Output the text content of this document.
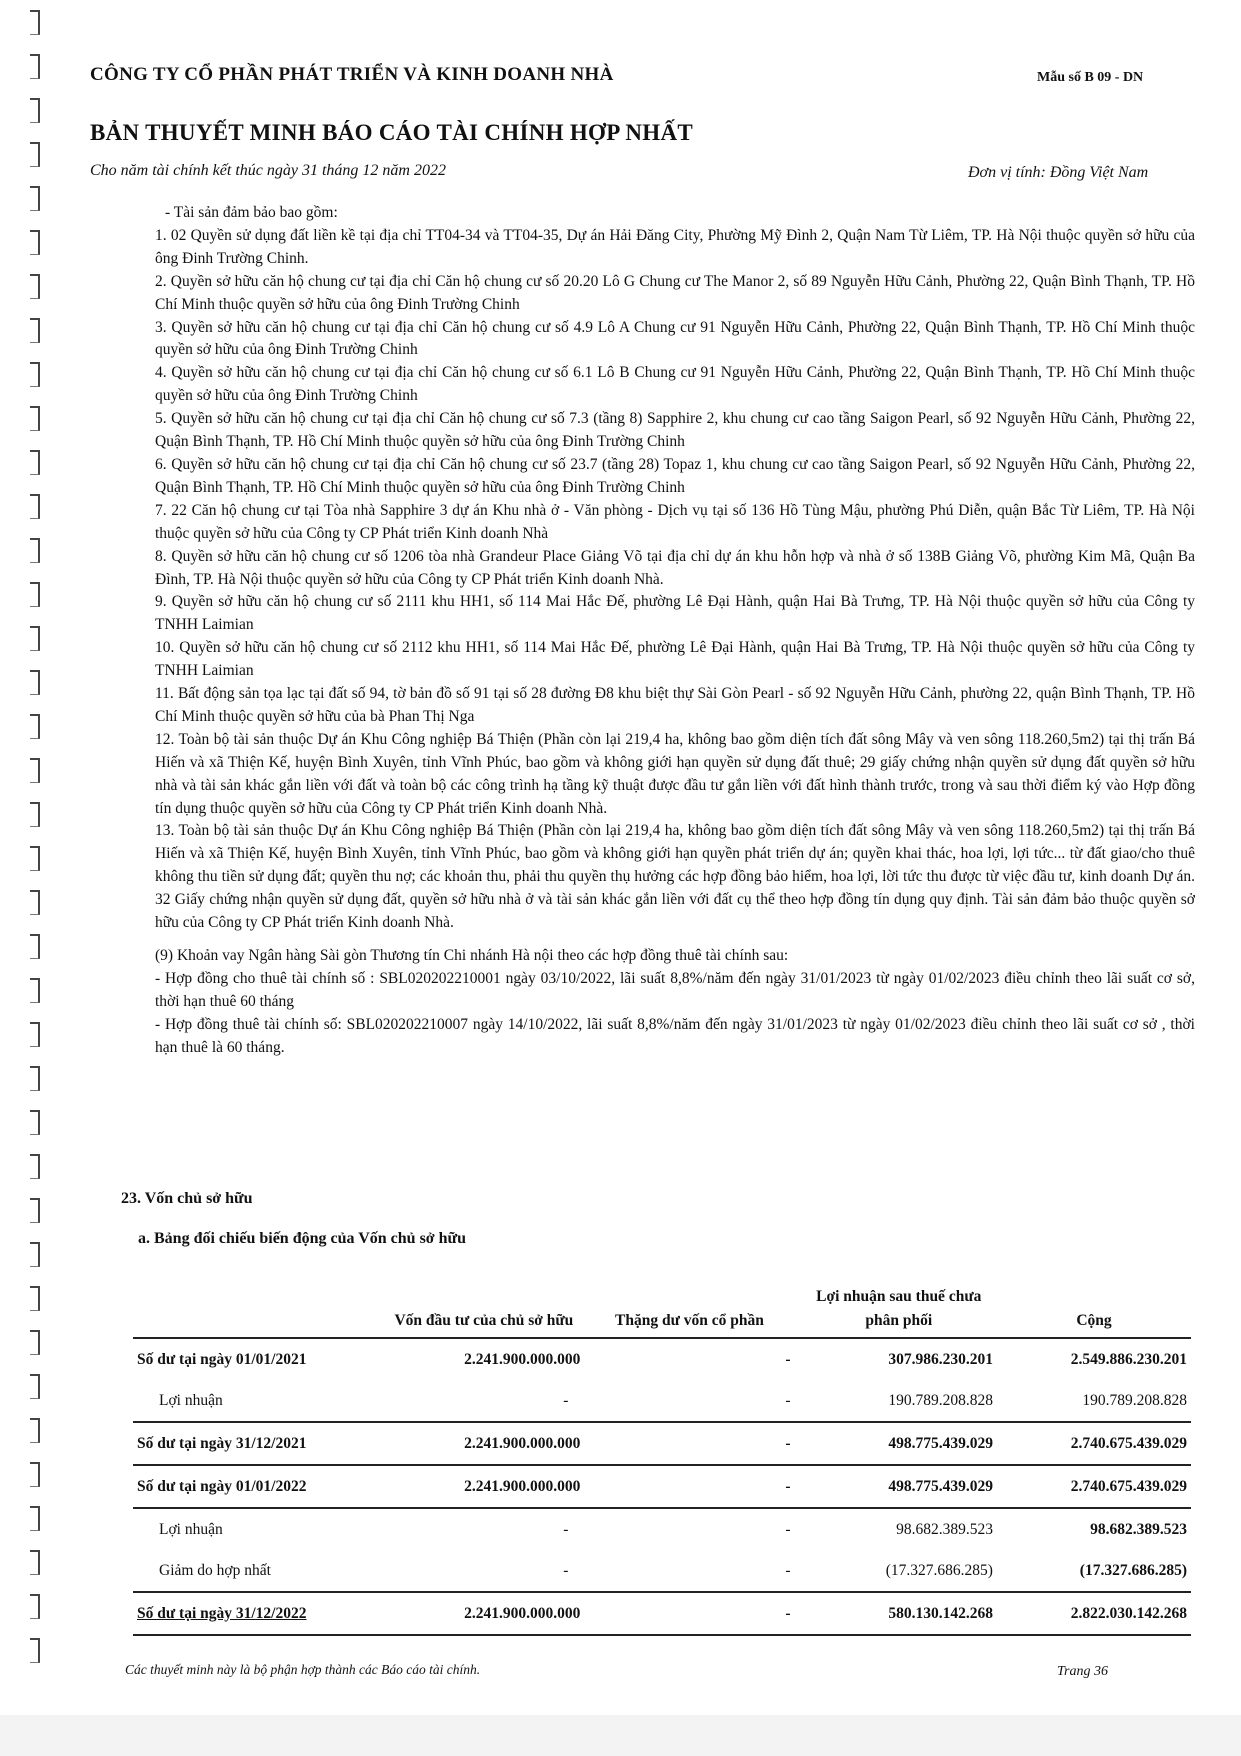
CÔNG TY CỔ PHẦN PHÁT TRIỂN VÀ KINH DOANH NHÀ	Mẫu số B 09 - DN
BẢN THUYẾT MINH BÁO CÁO TÀI CHÍNH HỢP NHẤT
Cho năm tài chính kết thúc ngày 31 tháng 12 năm 2022	Đơn vị tính: Đồng Việt Nam

- Tài sản đảm bảo bao gồm:

1. 02 Quyền sử dụng đất liền kề tại địa chỉ TT04-34 và TT04-35, Dự án Hải Đăng City, Phường Mỹ Đình 2, Quận Nam Từ Liêm, TP. Hà Nội thuộc quyền sở hữu của ông Đinh Trường Chinh.

2. Quyền sở hữu căn hộ chung cư tại địa chỉ Căn hộ chung cư số 20.20 Lô G Chung cư The Manor 2, số 89 Nguyễn Hữu Cảnh, Phường 22, Quận Bình Thạnh, TP. Hồ Chí Minh thuộc quyền sở hữu của ông Đinh Trường Chinh

3. Quyền sở hữu căn hộ chung cư tại địa chỉ Căn hộ chung cư số 4.9 Lô A Chung cư 91 Nguyễn Hữu Cảnh, Phường 22, Quận Bình Thạnh, TP. Hồ Chí Minh thuộc quyền sở hữu của ông Đinh Trường Chinh

4. Quyền sở hữu căn hộ chung cư tại địa chỉ Căn hộ chung cư số 6.1 Lô B Chung cư 91 Nguyễn Hữu Cảnh, Phường 22, Quận Bình Thạnh, TP. Hồ Chí Minh thuộc quyền sở hữu của ông Đinh Trường Chinh

5. Quyền sở hữu căn hộ chung cư tại địa chỉ Căn hộ chung cư số 7.3 (tầng 8) Sapphire 2, khu chung cư cao tầng Saigon Pearl, số 92 Nguyễn Hữu Cảnh, Phường 22, Quận Bình Thạnh, TP. Hồ Chí Minh thuộc quyền sở hữu của ông Đinh Trường Chinh

6. Quyền sở hữu căn hộ chung cư tại địa chỉ Căn hộ chung cư số 23.7 (tầng 28) Topaz 1, khu chung cư cao tầng Saigon Pearl, số 92 Nguyễn Hữu Cảnh, Phường 22, Quận Bình Thạnh, TP. Hồ Chí Minh thuộc quyền sở hữu của ông Đinh Trường Chinh

7. 22 Căn hộ chung cư tại Tòa nhà Sapphire 3 dự án Khu nhà ở - Văn phòng - Dịch vụ tại số 136 Hồ Tùng Mậu, phường Phú Diễn, quận Bắc Từ Liêm, TP. Hà Nội thuộc quyền sở hữu của Công ty CP Phát triển Kinh doanh Nhà

8. Quyền sở hữu căn hộ chung cư số 1206 tòa nhà Grandeur Place Giảng Võ tại địa chỉ dự án khu hỗn hợp và nhà ở số 138B Giảng Võ, phường Kim Mã, Quận Ba Đình, TP. Hà Nội thuộc quyền sở hữu của Công ty CP Phát triển Kinh doanh Nhà.

9. Quyền sở hữu căn hộ chung cư số 2111 khu HH1, số 114 Mai Hắc Đế, phường Lê Đại Hành, quận Hai Bà Trưng, TP. Hà Nội thuộc quyền sở hữu của Công ty TNHH Laimian

10. Quyền sở hữu căn hộ chung cư số 2112 khu HH1, số 114 Mai Hắc Đế, phường Lê Đại Hành, quận Hai Bà Trưng, TP. Hà Nội thuộc quyền sở hữu của Công ty TNHH Laimian

11. Bất động sản tọa lạc tại đất số 94, tờ bản đồ số 91 tại số 28 đường Đ8 khu biệt thự Sài Gòn Pearl - số 92 Nguyễn Hữu Cảnh, phường 22, quận Bình Thạnh, TP. Hồ Chí Minh thuộc quyền sở hữu của bà Phan Thị Nga

12. Toàn bộ tài sản thuộc Dự án Khu Công nghiệp Bá Thiện (Phần còn lại 219,4 ha, không bao gồm diện tích đất sông Mây và ven sông 118.260,5m2) tại thị trấn Bá Hiến và xã Thiện Kế, huyện Bình Xuyên, tỉnh Vĩnh Phúc, bao gồm và không giới hạn quyền sử dụng đất thuê; 29 giấy chứng nhận quyền sử dụng đất quyền sở hữu nhà và tài sản khác gắn liền với đất và toàn bộ các công trình hạ tầng kỹ thuật được đầu tư gắn liền với đất hình thành trước, trong và sau thời điểm ký vào Hợp đồng tín dụng thuộc quyền sở hữu của Công ty CP Phát triển Kinh doanh Nhà.

13. Toàn bộ tài sản thuộc Dự án Khu Công nghiệp Bá Thiện (Phần còn lại 219,4 ha, không bao gồm diện tích đất sông Mây và ven sông 118.260,5m2) tại thị trấn Bá Hiến và xã Thiện Kế, huyện Bình Xuyên, tỉnh Vĩnh Phúc, bao gồm và không giới hạn quyền phát triển dự án; quyền khai thác, hoa lợi, lợi tức... từ đất giao/cho thuê không thu tiền sử dụng đất; quyền thu nợ; các khoản thu, phải thu quyền thụ hưởng các hợp đồng bảo hiểm, hoa lợi, lời tức thu được từ việc đầu tư, kinh doanh Dự án. 32 Giấy chứng nhận quyền sử dụng đất, quyền sở hữu nhà ở và tài sản khác gắn liền với đất cụ thể theo hợp đồng tín dụng quy định. Tài sản đảm bảo thuộc quyền sở hữu của Công ty CP Phát triển Kinh doanh Nhà.

(9) Khoản vay Ngân hàng Sài gòn Thương tín Chi nhánh Hà nội theo các hợp đồng thuê tài chính sau:

- Hợp đồng cho thuê tài chính số : SBL020202210001 ngày 03/10/2022, lãi suất 8,8%/năm đến ngày 31/01/2023 từ ngày 01/02/2023 điều chỉnh theo lãi suất cơ sở, thời hạn thuê 60 tháng

- Hợp đồng thuê tài chính số: SBL020202210007 ngày 14/10/2022, lãi suất 8,8%/năm đến ngày 31/01/2023 từ ngày 01/02/2023 điều chỉnh theo lãi suất cơ sở , thời hạn thuê là 60 tháng.

23. Vốn chủ sở hữu
a. Bảng đối chiếu biến động của Vốn chủ sở hữu
	Vốn đầu tư của chủ sở hữu	Thặng dư vốn cổ phần	Lợi nhuận sau thuế chưa phân phối	Cộng
Số dư tại ngày 01/01/2021	2.241.900.000.000	-	307.986.230.201	2.549.886.230.201
Lợi nhuận	-	-	190.789.208.828	190.789.208.828
Số dư tại ngày 31/12/2021	2.241.900.000.000	-	498.775.439.029	2.740.675.439.029
Số dư tại ngày 01/01/2022	2.241.900.000.000	-	498.775.439.029	2.740.675.439.029
Lợi nhuận	-	-	98.682.389.523	98.682.389.523
Giảm do hợp nhất	-	-	(17.327.686.285)	(17.327.686.285)
Số dư tại ngày 31/12/2022	2.241.900.000.000	-	580.130.142.268	2.822.030.142.268
Các thuyết minh này là bộ phận hợp thành các Báo cáo tài chính.	Trang 36
